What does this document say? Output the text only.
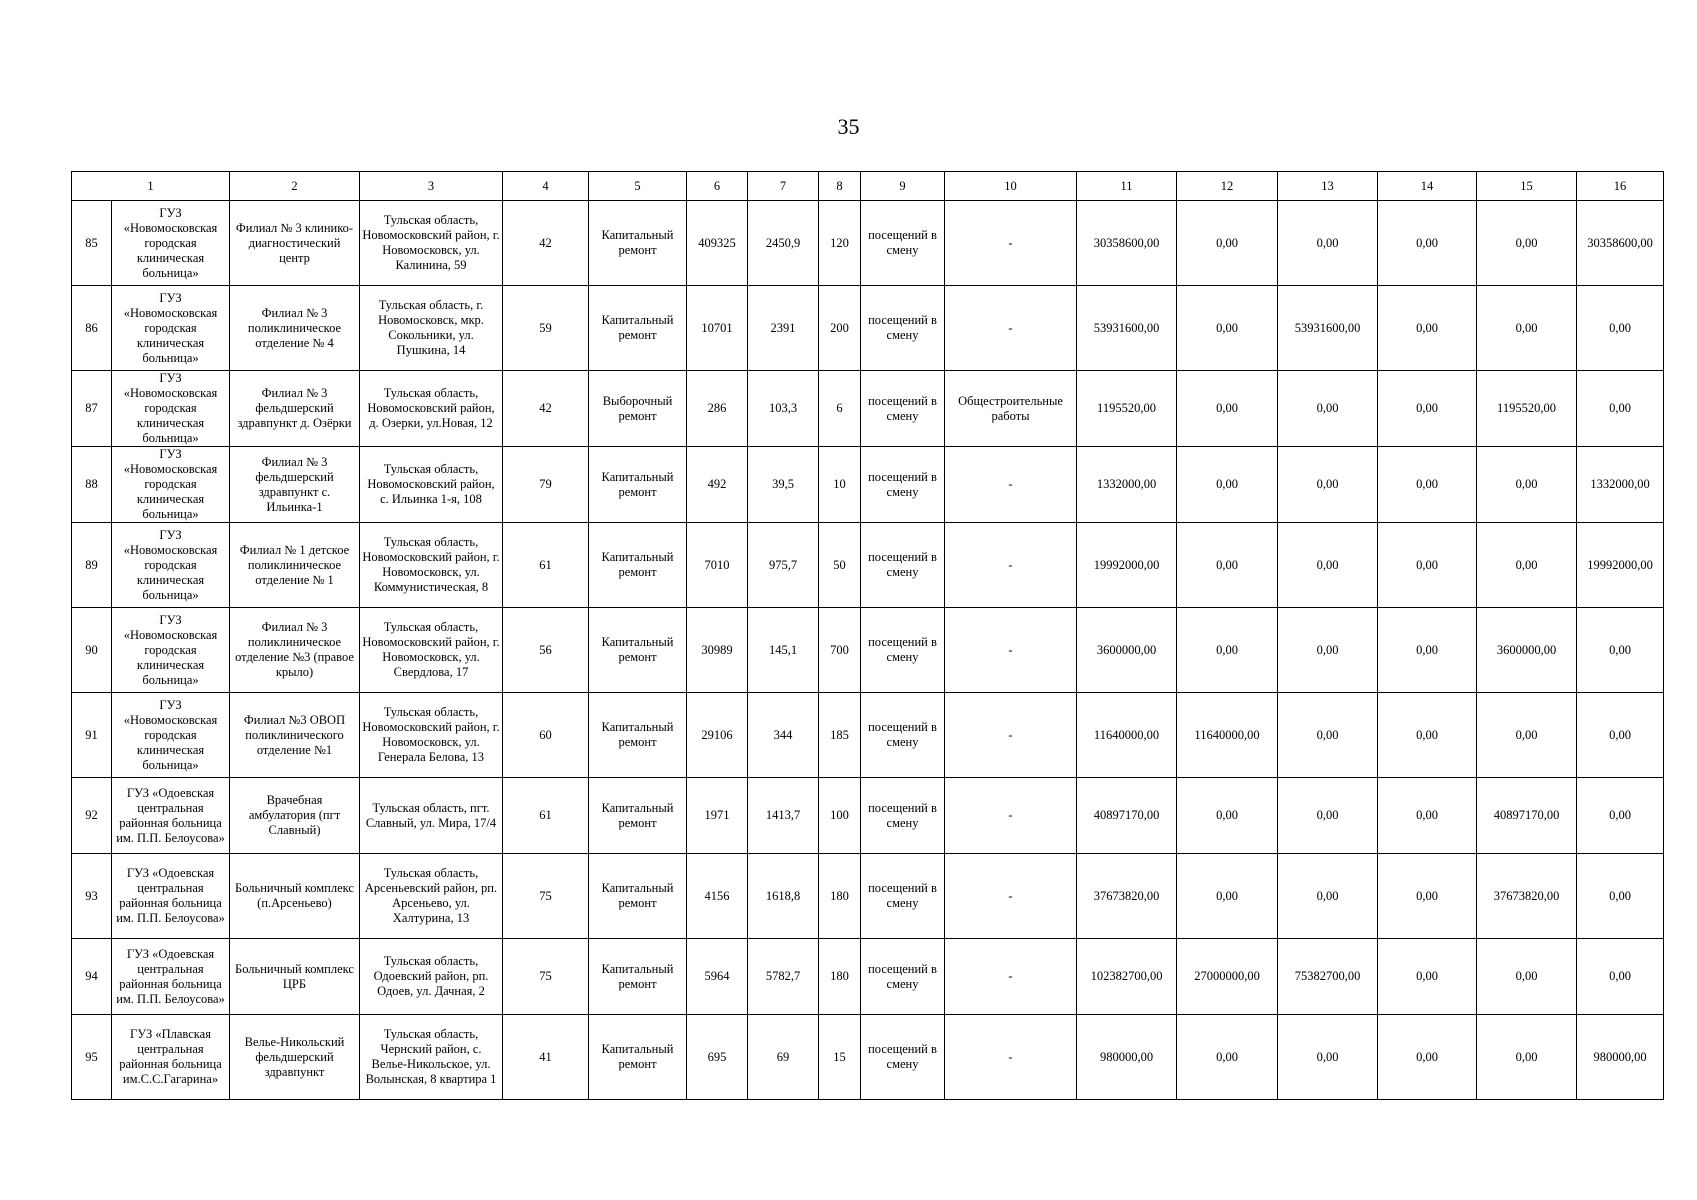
35
1		2	3	4	5	6	7	8	9	10	11	12	13	14	15	16
85	ГУЗ «Новомосковская городская клиническая больница»	Филиал № 3 клинико-диагностический центр	Тульская область, Новомосковский район, г. Новомосковск, ул. Калинина, 59	42	Капитальный ремонт	409325	2450,9	120	посещений в смену	-	30358600,00	0,00	0,00	0,00	0,00	30358600,00
86	ГУЗ «Новомосковская городская клиническая больница»	Филиал № 3 поликлиническое отделение № 4	Тульская область, г. Новомосковск, мкр. Сокольники, ул. Пушкина, 14	59	Капитальный ремонт	10701	2391	200	посещений в смену	-	53931600,00	0,00	53931600,00	0,00	0,00	0,00
87	ГУЗ «Новомосковская городская клиническая больница»	Филиал № 3 фельдшерский здравпункт д. Озёрки	Тульская область, Новомосковский район, д. Озерки, ул.Новая, 12	42	Выборочный ремонт	286	103,3	6	посещений в смену	Общестроительные работы	1195520,00	0,00	0,00	0,00	1195520,00	0,00
88	ГУЗ «Новомосковская городская клиническая больница»	Филиал № 3 фельдшерский здравпункт с. Ильинка-1	Тульская область, Новомосковский район, с. Ильинка 1-я, 108	79	Капитальный ремонт	492	39,5	10	посещений в смену	-	1332000,00	0,00	0,00	0,00	0,00	1332000,00
89	ГУЗ «Новомосковская городская клиническая больница»	Филиал № 1 детское поликлиническое отделение № 1	Тульская область, Новомосковский район, г. Новомосковск, ул. Коммунистическая, 8	61	Капитальный ремонт	7010	975,7	50	посещений в смену	-	19992000,00	0,00	0,00	0,00	0,00	19992000,00
90	ГУЗ «Новомосковская городская клиническая больница»	Филиал № 3 поликлиническое отделение №3 (правое крыло)	Тульская область, Новомосковский район, г. Новомосковск, ул. Свердлова, 17	56	Капитальный ремонт	30989	145,1	700	посещений в смену	-	3600000,00	0,00	0,00	0,00	3600000,00	0,00
91	ГУЗ «Новомосковская городская клиническая больница»	Филиал №3 ОВОП поликлинического отделение №1	Тульская область, Новомосковский район, г. Новомосковск, ул. Генерала Белова, 13	60	Капитальный ремонт	29106	344	185	посещений в смену	-	11640000,00	11640000,00	0,00	0,00	0,00	0,00
92	ГУЗ «Одоевская центральная районная больница им. П.П. Белоусова»	Врачебная амбулатория (пгт Славный)	Тульская область, пгт. Славный, ул. Мира, 17/4	61	Капитальный ремонт	1971	1413,7	100	посещений в смену	-	40897170,00	0,00	0,00	0,00	40897170,00	0,00
93	ГУЗ «Одоевская центральная районная больница им. П.П. Белоусова»	Больничный комплекс (п.Арсеньево)	Тульская область, Арсеньевский район, рп. Арсеньево, ул. Халтурина, 13	75	Капитальный ремонт	4156	1618,8	180	посещений в смену	-	37673820,00	0,00	0,00	0,00	37673820,00	0,00
94	ГУЗ «Одоевская центральная районная больница им. П.П. Белоусова»	Больничный комплекс ЦРБ	Тульская область, Одоевский район, рп. Одоев, ул. Дачная, 2	75	Капитальный ремонт	5964	5782,7	180	посещений в смену	-	102382700,00	27000000,00	75382700,00	0,00	0,00	0,00
95	ГУЗ «Плавская центральная районная больница им.С.С.Гагарина»	Велье-Никольский фельдшерский здравпункт	Тульская область, Чернский район, с. Велье-Никольское, ул. Волынская, 8 квартира 1	41	Капитальный ремонт	695	69	15	посещений в смену	-	980000,00	0,00	0,00	0,00	0,00	980000,00
